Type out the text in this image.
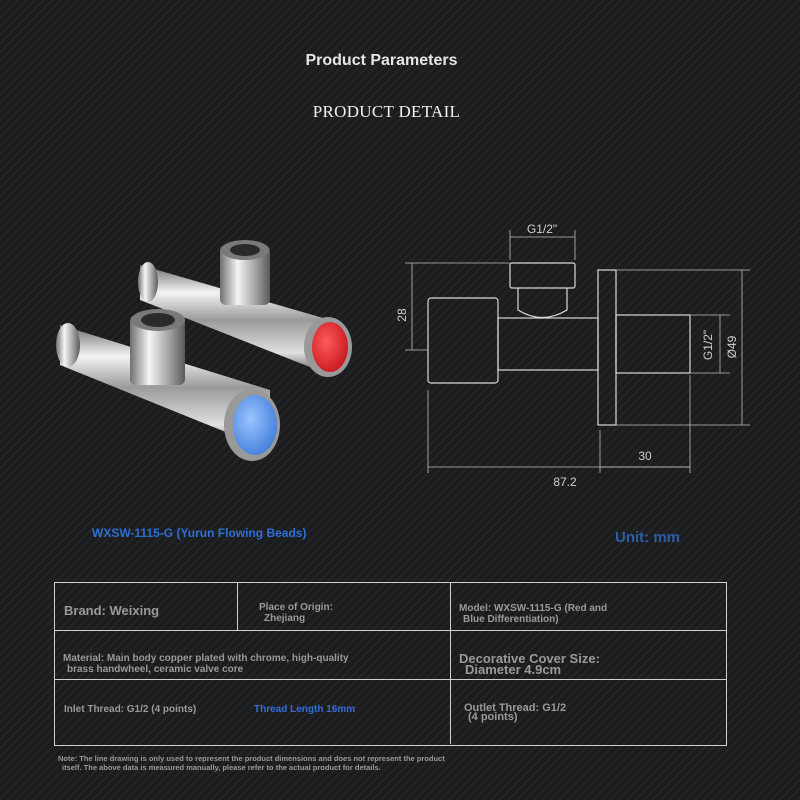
Product Parameters
PRODUCT DETAIL
G1/2"
28
G1/2" Ø49
30
87.2
WXSW-1115-G (Yurun Flowing Beads)	Unit: mm
Brand: Weixing	Place of Origin:
Zhejiang
Model: WXSW-1115-G (Red and
Blue Differentiation)
Material: Main body copper plated with chrome, high-quality
brass handwheel, ceramic valve core
Decorative Cover Size:
Diameter 4.9cm
Inlet Thread: G1/2 (4 points)	Thread Length 16mm	Outlet Thread: G1/2
(4 points)
Note: The line drawing is only used to represent the product dimensions and does not represent the product
itself. The above data is measured manually, please refer to the actual product for details.
